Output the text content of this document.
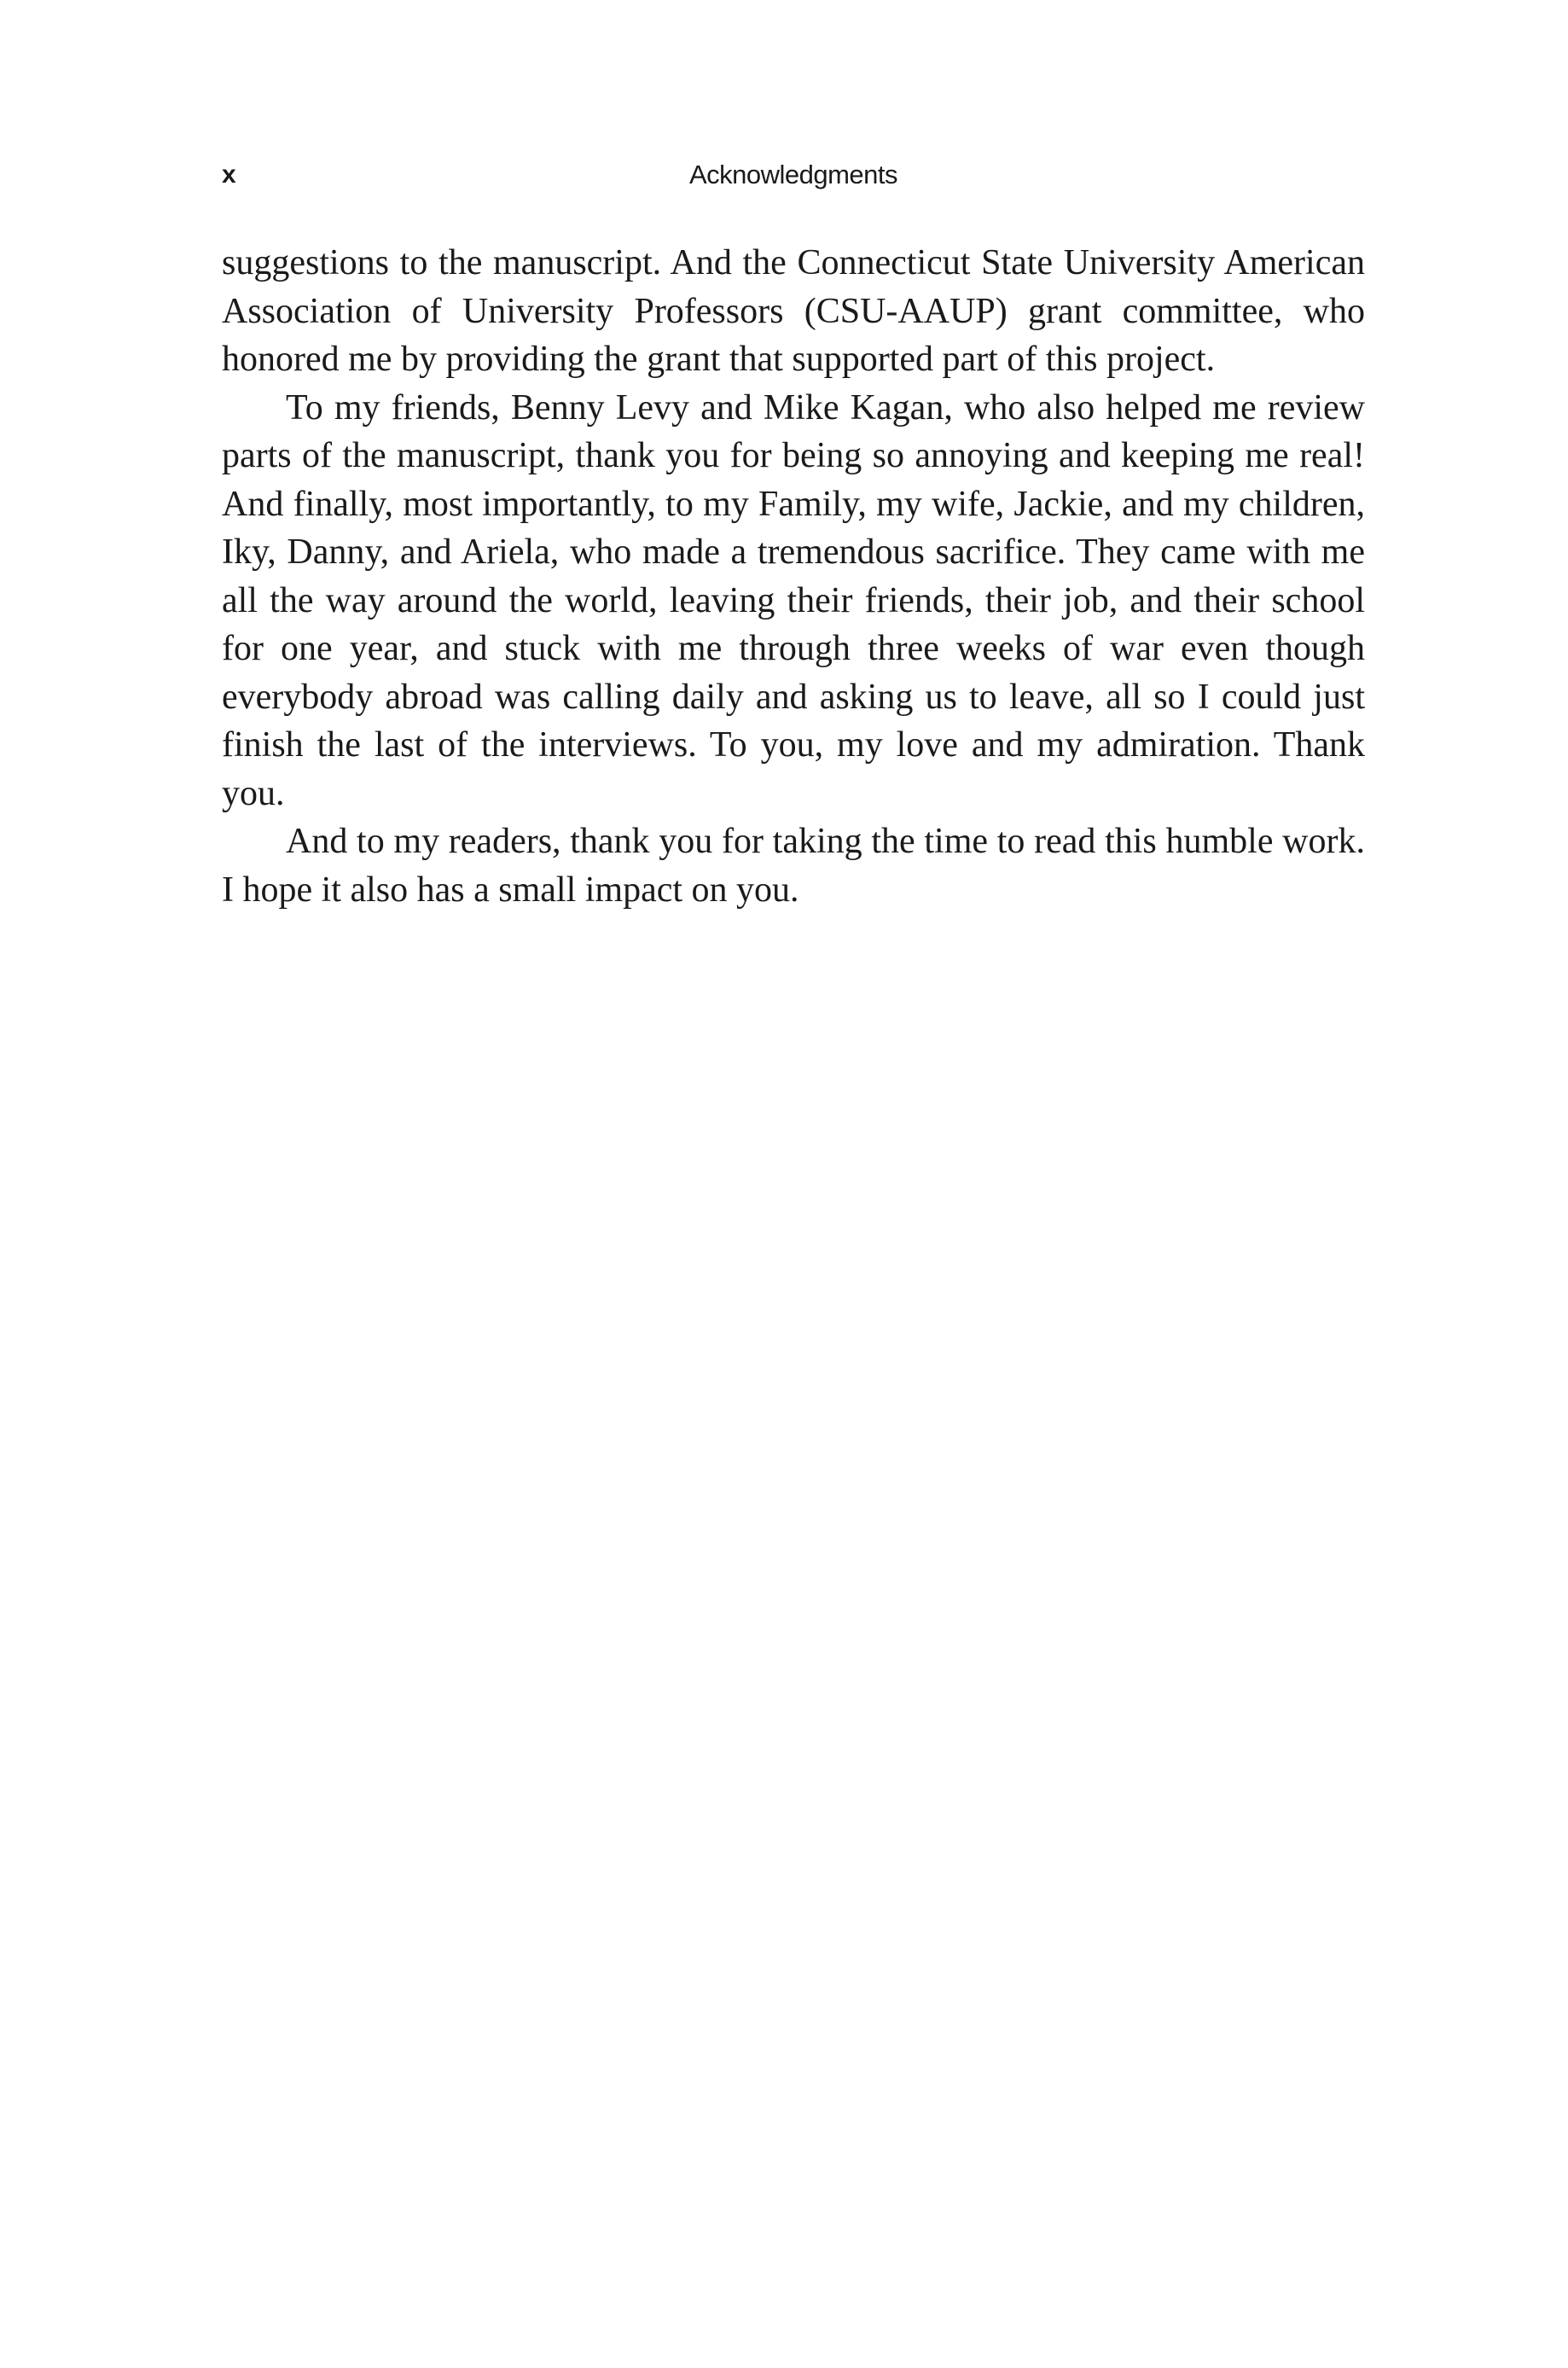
x	Acknowledgments

suggestions to the manuscript. And the Connecticut State University American Association of University Professors (CSU-AAUP) grant committee, who honored me by providing the grant that supported part of this project.

To my friends, Benny Levy and Mike Kagan, who also helped me review parts of the manuscript, thank you for being so annoying and keeping me real! And finally, most importantly, to my Family, my wife, Jackie, and my children, Iky, Danny, and Ariela, who made a tremendous sacrifice. They came with me all the way around the world, leaving their friends, their job, and their school for one year, and stuck with me through three weeks of war even though everybody abroad was calling daily and asking us to leave, all so I could just finish the last of the interviews. To you, my love and my admiration. Thank you.

And to my readers, thank you for taking the time to read this humble work. I hope it also has a small impact on you.
